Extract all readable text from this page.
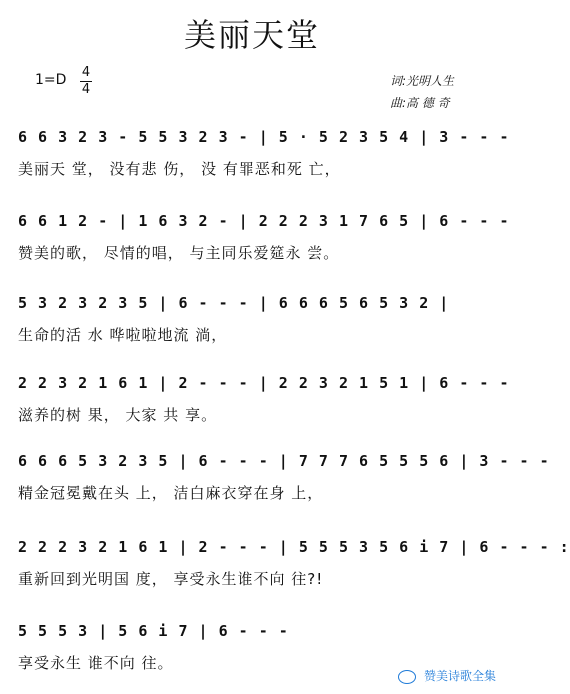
美丽天堂
1=D 4
4
词:光明人生
曲:高 德 奇
6 6 3 2 3 - 5 5 3 2 3 - | 5 · 5 2 3 5 4 | 3 - - -
美丽天 堂， 没有悲 伤， 没 有罪恶和死 亡，
6 6 1 2 - | 1 6 3 2 - | 2 2 2 3 1 7 6 5 | 6 - - -
赞美的歌， 尽情的唱， 与主同乐爱筵永 尝。
5 3 2 3 2 3 5 | 6 - - - | 6 6 6 5 6 5 3 2 |
生命的活 水 哗啦啦地流 淌，
2 2 3 2 1 6 1 | 2 - - - | 2 2 3 2 1 5 1 | 6 - - -
滋养的树 果， 大家 共 享。
6 6 6 5 3 2 3 5 | 6 - - - | 7 7 7 6 5 5 5 6 | 3 - - -
精金冠冕戴在头 上， 洁白麻衣穿在身 上，
2 2 2 3 2 1 6 1 | 2 - - - | 5 5 5 3 5 6 i 7 | 6 - - - :
重新回到光明国 度， 享受永生谁不向 往?!
5 5 5 3 | 5 6 i 7 | 6 - - -
享受永生 谁不向 往。
赞美诗歌全集
